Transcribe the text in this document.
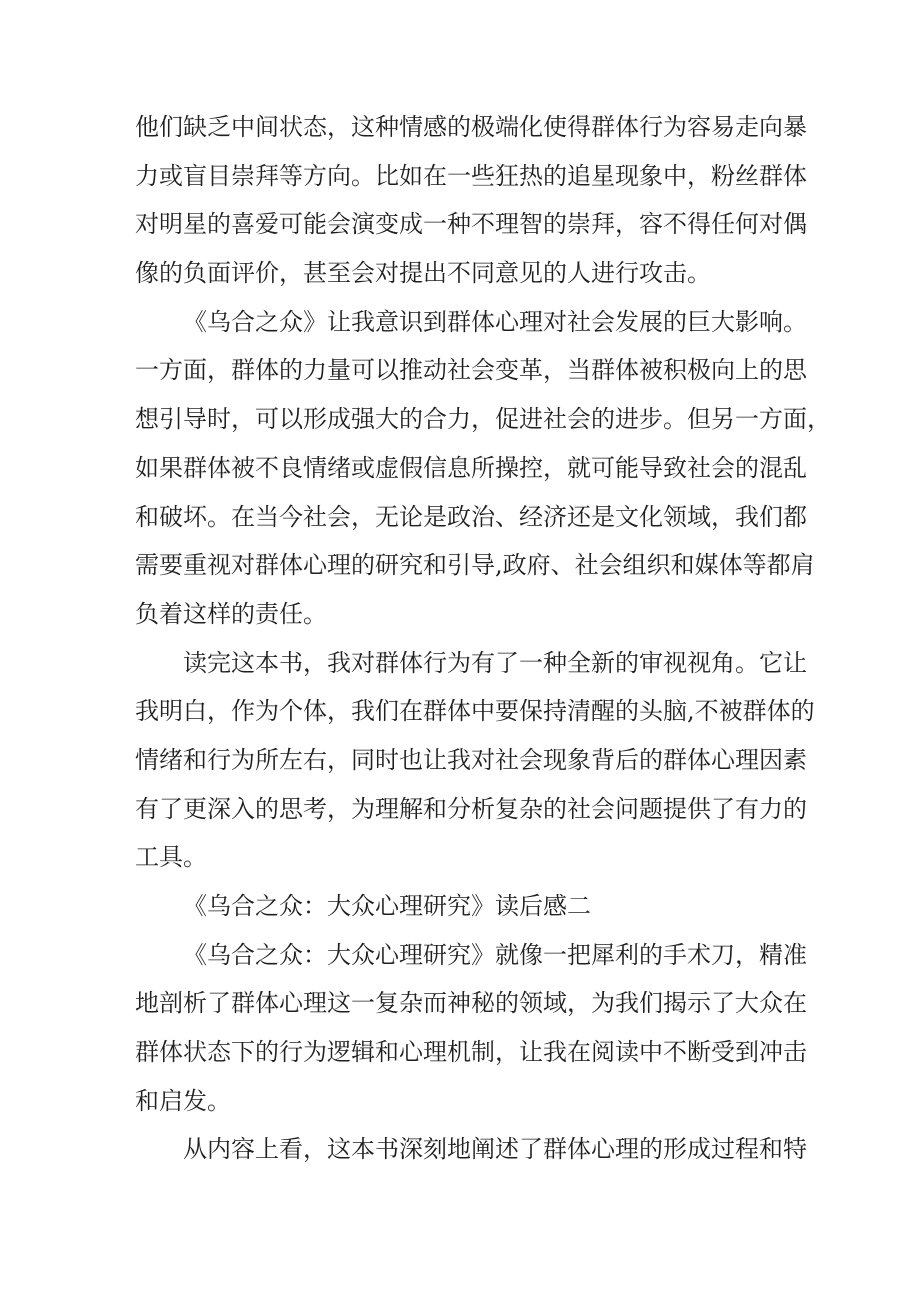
他们缺乏中间状态，这种情感的极端化使得群体行为容易走向暴
力或盲目崇拜等方向。比如在一些狂热的追星现象中，粉丝群体
对明星的喜爱可能会演变成一种不理智的崇拜，容不得任何对偶
像的负面评价，甚至会对提出不同意见的人进行攻击。
《乌合之众》让我意识到群体心理对社会发展的巨大影响。
一方面，群体的力量可以推动社会变革，当群体被积极向上的思
想引导时，可以形成强大的合力，促进社会的进步。但另一方面，
如果群体被不良情绪或虚假信息所操控，就可能导致社会的混乱
和破坏。在当今社会，无论是政治、经济还是文化领域，我们都
需要重视对群体心理的研究和引导,政府、社会组织和媒体等都肩
负着这样的责任。
读完这本书，我对群体行为有了一种全新的审视视角。它让
我明白，作为个体，我们在群体中要保持清醒的头脑,不被群体的
情绪和行为所左右，同时也让我对社会现象背后的群体心理因素
有了更深入的思考，为理解和分析复杂的社会问题提供了有力的
工具。
《乌合之众：大众心理研究》读后感二
《乌合之众：大众心理研究》就像一把犀利的手术刀，精准
地剖析了群体心理这一复杂而神秘的领域，为我们揭示了大众在
群体状态下的行为逻辑和心理机制，让我在阅读中不断受到冲击
和启发。
从内容上看，这本书深刻地阐述了群体心理的形成过程和特
